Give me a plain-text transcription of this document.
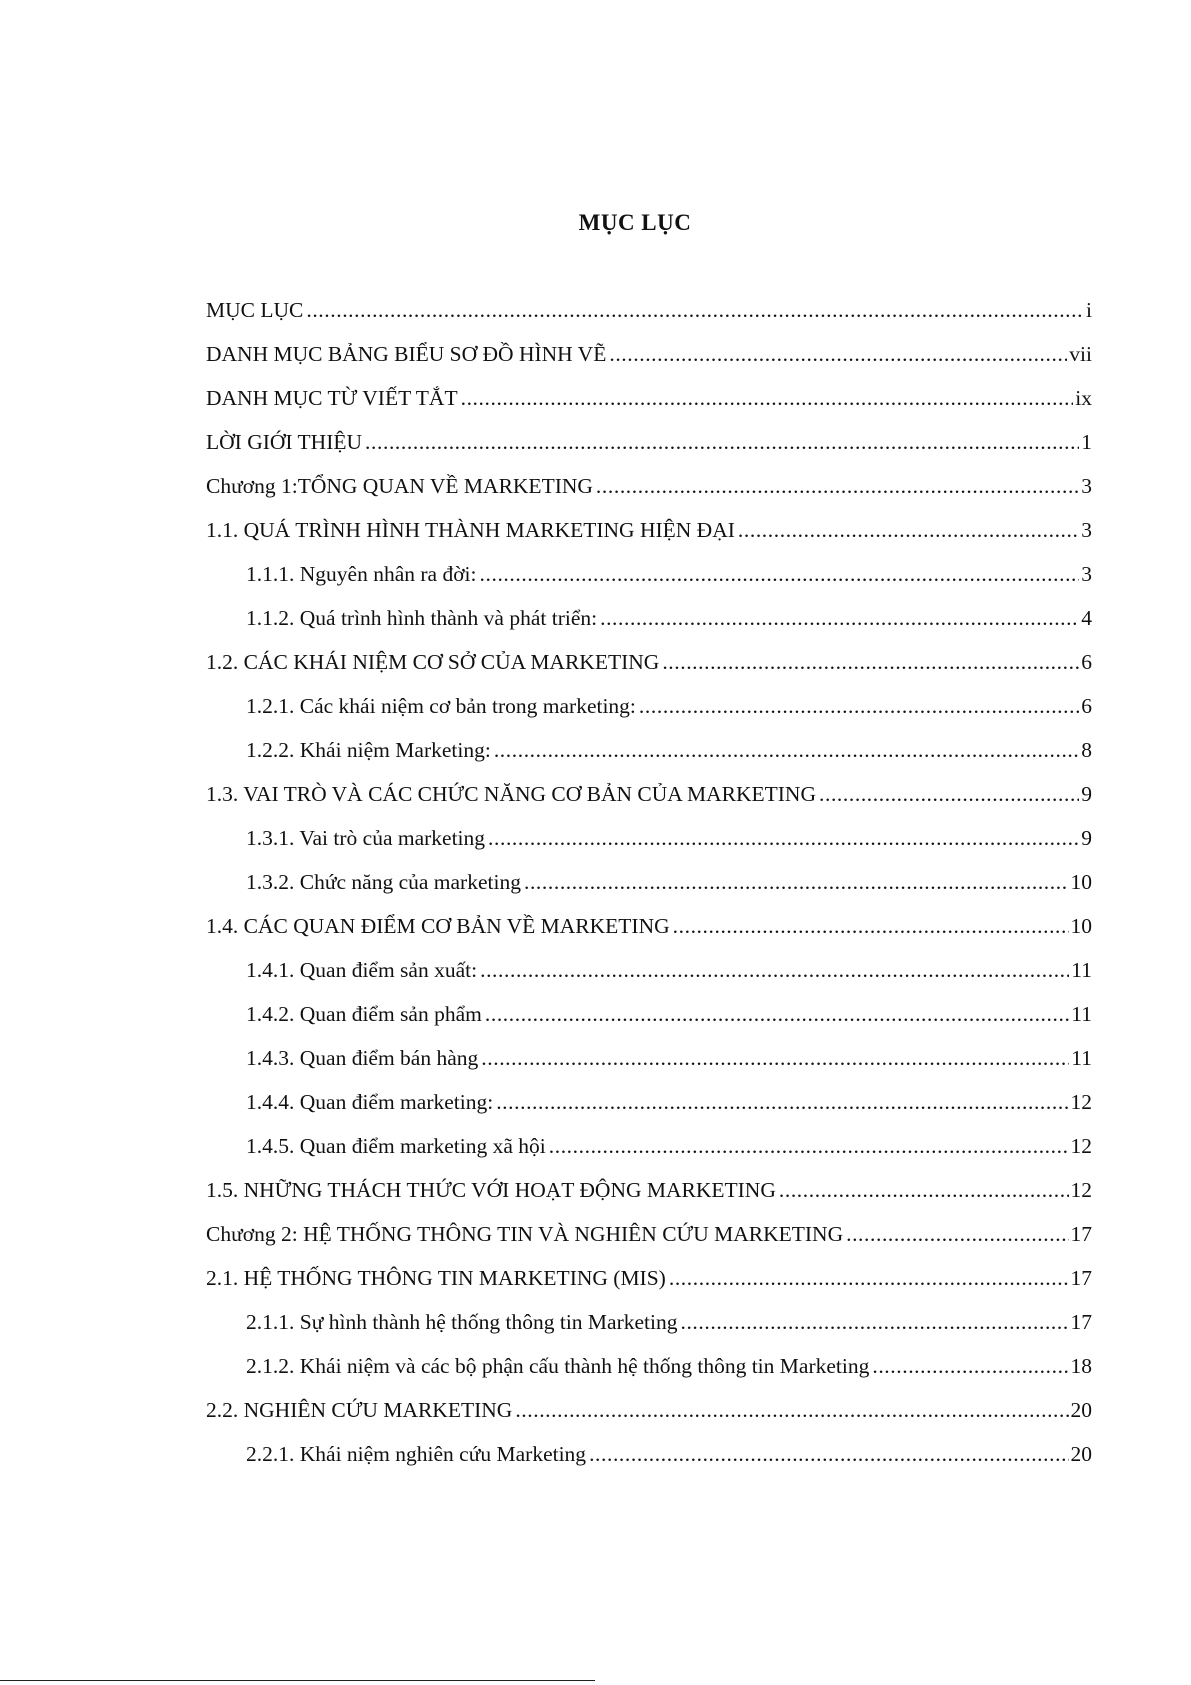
MỤC LỤC
MỤC LỤC .....	i
DANH MỤC BẢNG BIỂU SƠ ĐỒ HÌNH VẼ .....	vii
DANH MỤC TỪ VIẾT TẮT .....	ix
LỜI GIỚI THIỆU .....	1
Chương 1:TỔNG QUAN VỀ MARKETING .....	3
1.1. QUÁ TRÌNH HÌNH THÀNH MARKETING HIỆN ĐẠI .....	3
1.1.1. Nguyên nhân ra đời: .....	3
1.1.2. Quá trình hình thành và phát triển: .....	4
1.2. CÁC KHÁI NIỆM CƠ SỞ CỦA MARKETING .....	6
1.2.1. Các khái niệm cơ bản trong marketing: .....	6
1.2.2. Khái niệm Marketing: .....	8
1.3. VAI TRÒ VÀ CÁC CHỨC NĂNG CƠ BẢN CỦA MARKETING .....	9
1.3.1. Vai trò của marketing .....	9
1.3.2. Chức năng của marketing .....	10
1.4. CÁC QUAN ĐIỂM CƠ BẢN VỀ MARKETING .....	10
1.4.1. Quan điểm sản xuất: .....	11
1.4.2. Quan điểm sản phẩm .....	11
1.4.3. Quan điểm bán hàng .....	11
1.4.4. Quan điểm marketing: .....	12
1.4.5. Quan điểm marketing xã hội .....	12
1.5. NHỮNG THÁCH THỨC VỚI HOẠT ĐỘNG MARKETING .....	12
Chương 2: HỆ THỐNG THÔNG TIN VÀ NGHIÊN CỨU MARKETING .....	17
2.1. HỆ THỐNG THÔNG TIN MARKETING (MIS) .....	17
2.1.1. Sự hình thành hệ thống thông tin Marketing .....	17
2.1.2. Khái niệm và các bộ phận cấu thành hệ thống thông tin Marketing .....	18
2.2. NGHIÊN CỨU MARKETING .....	20
2.2.1. Khái niệm nghiên cứu Marketing .....	20
